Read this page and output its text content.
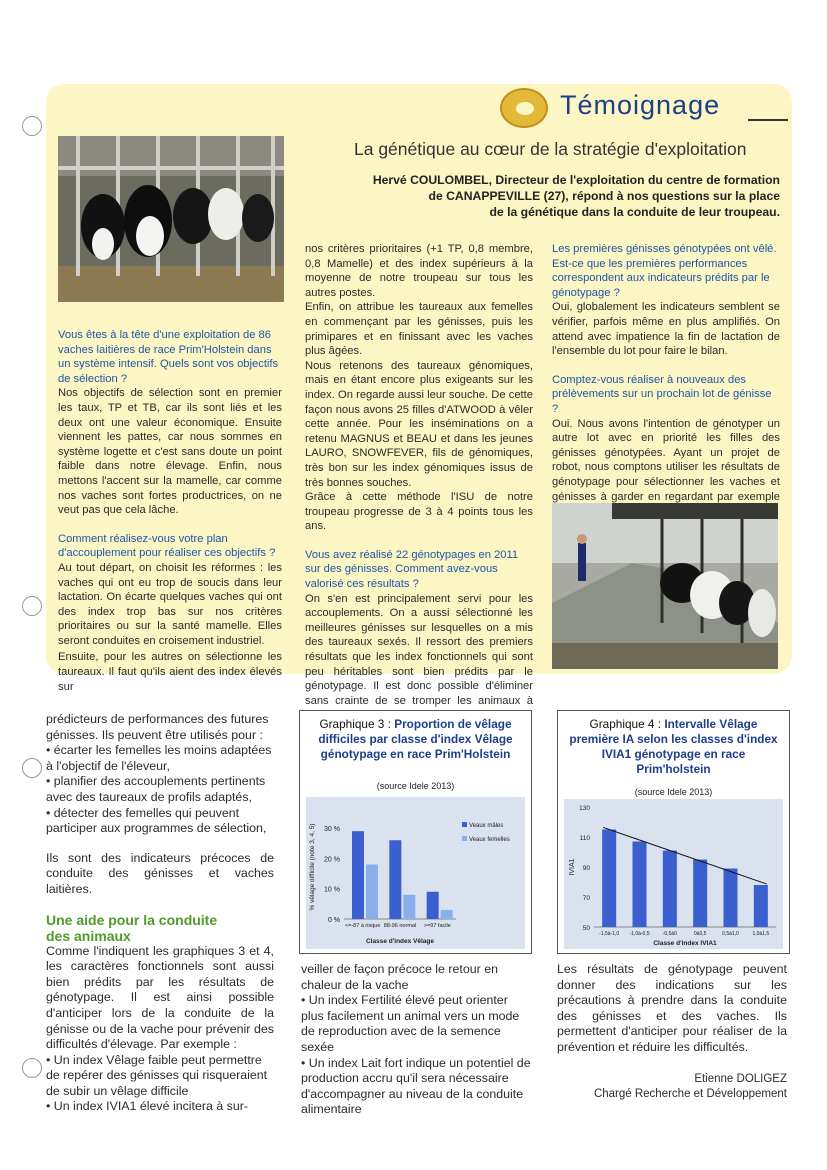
Témoignage
La génétique au cœur de la stratégie d'exploitation
Hervé COULOMBEL, Directeur de l'exploitation du centre de formation
de CANAPPEVILLE (27), répond à nos questions sur la place
de la génétique dans la conduite de leur troupeau.

Vous êtes à la tête d'une exploitation de 86 vaches laitières de race Prim'Holstein dans un système intensif. Quels sont vos objectifs de sélection ?

Nos objectifs de sélection sont en premier les taux, TP et TB, car ils sont liés et les deux ont une valeur économique. Ensuite viennent les pattes, car nous sommes en système logette et c'est sans doute un point faible dans notre élevage. Enfin, nous mettons l'accent sur la mamelle, car comme nos vaches sont fortes productrices, on ne veut pas que cela lâche.

Comment réalisez-vous votre plan d'accouplement pour réaliser ces objectifs ?

Au tout départ, on choisit les réformes : les vaches qui ont eu trop de soucis dans leur lactation. On écarte quelques vaches qui ont des index trop bas sur nos critères prioritaires ou sur la santé mamelle. Elles seront conduites en croisement industriel.

Ensuite, pour les autres on sélectionne les taureaux. Il faut qu'ils aient des index élevés sur

nos critères prioritaires (+1 TP, 0,8 membre, 0,8 Mamelle) et des index supérieurs à la moyenne de notre troupeau sur tous les autres postes.

Enfin, on attribue les taureaux aux femelles en commençant par les génisses, puis les primipares et en finissant avec les vaches plus âgées.

Nous retenons des taureaux génomiques, mais en étant encore plus exigeants sur les index. On regarde aussi leur souche. De cette façon nous avons 25 filles d'ATWOOD à vêler cette année. Pour les inséminations on a retenu MAGNUS et BEAU et dans les jeunes LAURO, SNOWFEVER, fils de génomiques, très bon sur les index génomiques issus de très bonnes souches.

Grâce à cette méthode l'ISU de notre troupeau progresse de 3 à 4 points tous les ans.

Vous avez réalisé 22 génotypages en 2011 sur des génisses. Comment avez-vous valorisé ces résultats ?

On s'en est principalement servi pour les accouplements. On a aussi sélectionné les meilleures génisses sur lesquelles on a mis des taureaux sexés. Il ressort des premiers résultats que les index fonctionnels qui sont peu héritables sont bien prédits par le génotypage. Il est donc possible d'éliminer sans crainte de se tromper les animaux à

Les premières génisses génotypées ont vêlé. Est-ce que les premières performances correspondent aux indicateurs prédits par le génotypage ?

Oui, globalement les indicateurs semblent se vérifier, parfois même en plus amplifiés. On attend avec impatience la fin de lactation de l'ensemble du lot pour faire le bilan.

Comptez-vous réaliser à nouveaux des prélèvements sur un prochain lot de génisse ?

Oui. Nous avons l'intention de génotyper un autre lot avec en priorité les filles des génisses génotypées. Ayant un projet de robot, nous comptons utiliser les résultats de génotypage pour sélectionner les vaches et génisses à garder en regardant par exemple

prédicteurs de performances des futures génisses. Ils peuvent être utilisés pour :

• écarter les femelles les moins adaptées à l'objectif de l'éleveur,

• planifier des accouplements pertinents avec des taureaux de profils adaptés,

• détecter des femelles qui peuvent participer aux programmes de sélection,

Ils sont des indicateurs précoces de conduite des génisses et vaches laitières.

Une aide pour la conduite des animaux

Comme l'indiquent les graphiques 3 et 4, les caractères fonctionnels sont aussi bien prédits par les résultats de génotypage. Il est ainsi possible d'anticiper lors de la conduite de la génisse ou de la vache pour prévenir des difficultés d'élevage. Par exemple :

• Un index Vêlage faible peut permettre de repérer des génisses qui risqueraient de subir un vêlage difficile

• Un index IVIA1 élevé incitera à sur-

veiller de façon précoce le retour en chaleur de la vache

• Un index Fertilité élevé peut orienter plus facilement un animal vers un mode de reproduction avec de la semence sexée

• Un index Lait fort indique un potentiel de production accru qu'il sera nécessaire d'accompagner au niveau de la conduite alimentaire

Les résultats de génotypage peuvent donner des indications sur les précautions à prendre dans la conduite des génisses et des vaches. Ils permettent d'anticiper pour réaliser de la prévention et réduire les difficultés.

Etienne DOLIGEZ

Chargé Recherche et Développement

Graphique 3 : Proportion de vêlage difficiles par classe d'index Vêlage génotypage en race Prim'Holstein
(source Idele 2013)
% vêlage difficile (note 3, 4, 5)
0 %
10 %
20 %
30 %
<=-87 à risque 88-96 normal >=97 facile
Classe d'index Vêlage
Veaux mâles
Veaux femelles
Graphique 4 : Intervalle Vêlage première IA selon les classes d'index IVIA1 génotypage en race Prim'holstein
(source Idele 2013)
IVIA1
50
70
90
110
130
-1,5à-1,0 -1,0à-0,5	-0,5à0	0à0,5	0,5à1,0	1,0à1,5
Classe d'index IVIA1
